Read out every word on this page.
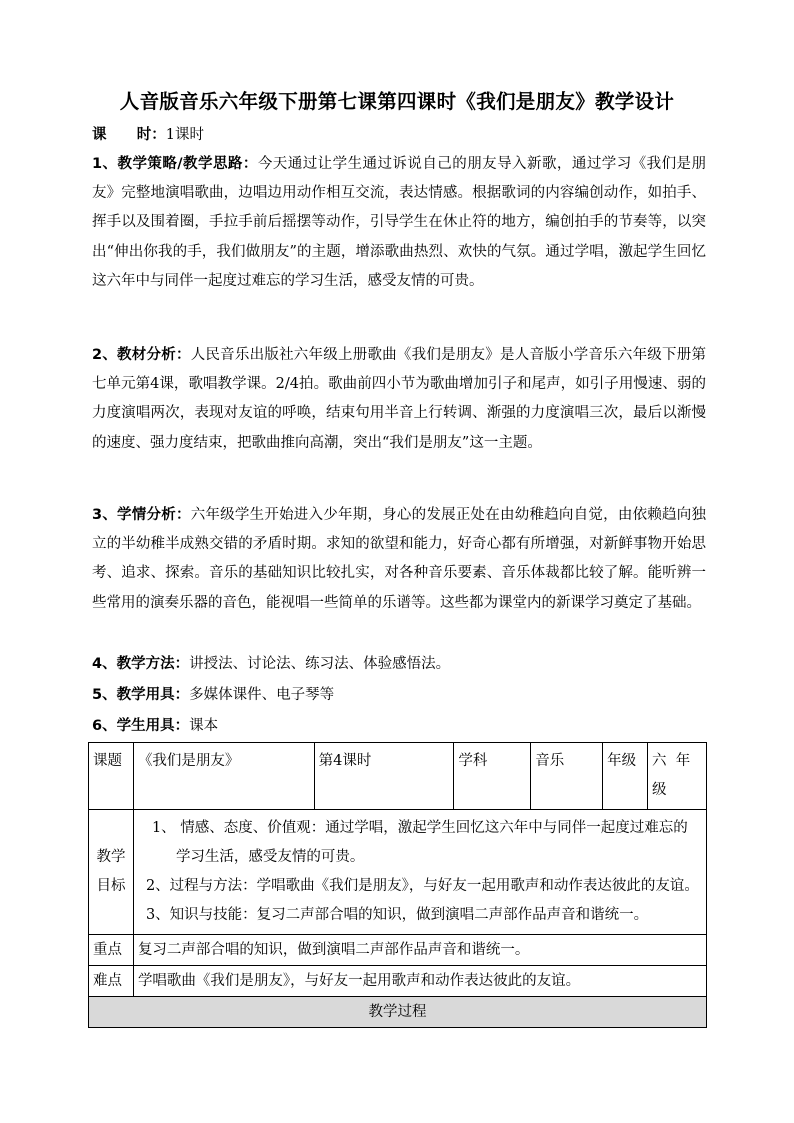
人音版音乐六年级下册第七课第四课时《我们是朋友》教学设计
课      时：1课时
1、教学策略/教学思路：今天通过让学生通过诉说自己的朋友导入新歌，通过学习《我们是朋友》完整地演唱歌曲，边唱边用动作相互交流，表达情感。根据歌词的内容编创动作，如拍手、挥手以及围着圈，手拉手前后摇摆等动作，引导学生在休止符的地方，编创拍手的节奏等，以突出“伸出你我的手，我们做朋友”的主题，增添歌曲热烈、欢快的气氛。通过学唱，激起学生回忆这六年中与同伴一起度过难忘的学习生活，感受友情的可贵。
2、教材分析：人民音乐出版社六年级上册歌曲《我们是朋友》是人音版小学音乐六年级下册第七单元第4课，歌唱教学课。2/4拍。歌曲前四小节为歌曲增加引子和尾声，如引子用慢速、弱的力度演唱两次，表现对友谊的呼唤，结束句用半音上行转调、渐强的力度演唱三次，最后以渐慢的速度、强力度结束，把歌曲推向高潮，突出“我们是朋友”这一主题。
3、学情分析：六年级学生开始进入少年期，身心的发展正处在由幼稚趋向自觉，由依赖趋向独立的半幼稚半成熟交错的矛盾时期。求知的欲望和能力，好奇心都有所增强，对新鲜事物开始思考、追求、探索。音乐的基础知识比较扎实，对各种音乐要素、音乐体裁都比较了解。能听辨一些常用的演奏乐器的音色，能视唱一些简单的乐谱等。这些都为课堂内的新课学习奠定了基础。
4、教学方法：讲授法、讨论法、练习法、体验感悟法。
5、教学用具：多媒体课件、电子琴等
6、学生用具：课本
课题	《我们是朋友》	第4课时	学科	音乐	年级	六  年级
教学目标	1、 情感、态度、价值观：通过学唱，激起学生回忆这六年中与同伴一起度过难忘的学习生活，感受友情的可贵。

2、过程与方法：学唱歌曲《我们是朋友》，与好友一起用歌声和动作表达彼此的友谊。

3、知识与技能：复习二声部合唱的知识，做到演唱二声部作品声音和谐统一。					

重点	复习二声部合唱的知识，做到演唱二声部作品声音和谐统一。					
难点	学唱歌曲《我们是朋友》，与好友一起用歌声和动作表达彼此的友谊。					
教学过程						
